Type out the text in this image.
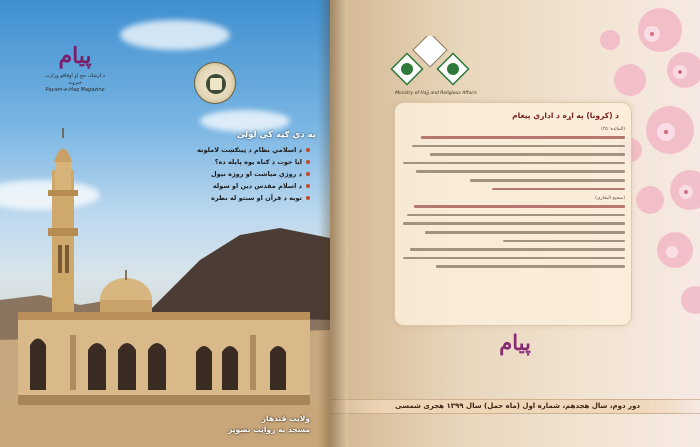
پیام
د ارشاد، حج او اوقافو وزارت خپرونه
Payam-e-Haq Magazine
په دې ګڼه کې لولئ
د اسلامي نظام د ټینګښت لاملونه
ایا حوت د ګناه یوه پایله ده؟
د روژې میاشت او روژه نیول
د اسلام مقدس دین او سوله
توبه د قرآن او سنتو له نظره
ولایت قندهار
مسجد به روایت تصویر
Ministry of Hajj and Religious Affairs
د (کرونا) په اړه د اداري پیغام
(المائده: ۳۵)
(صحیح البخاري)
پیام
دور دوم، سال هجدهم، شماره اول (ماه حمل) سال ۱۳۹۹ هجری شمسی
